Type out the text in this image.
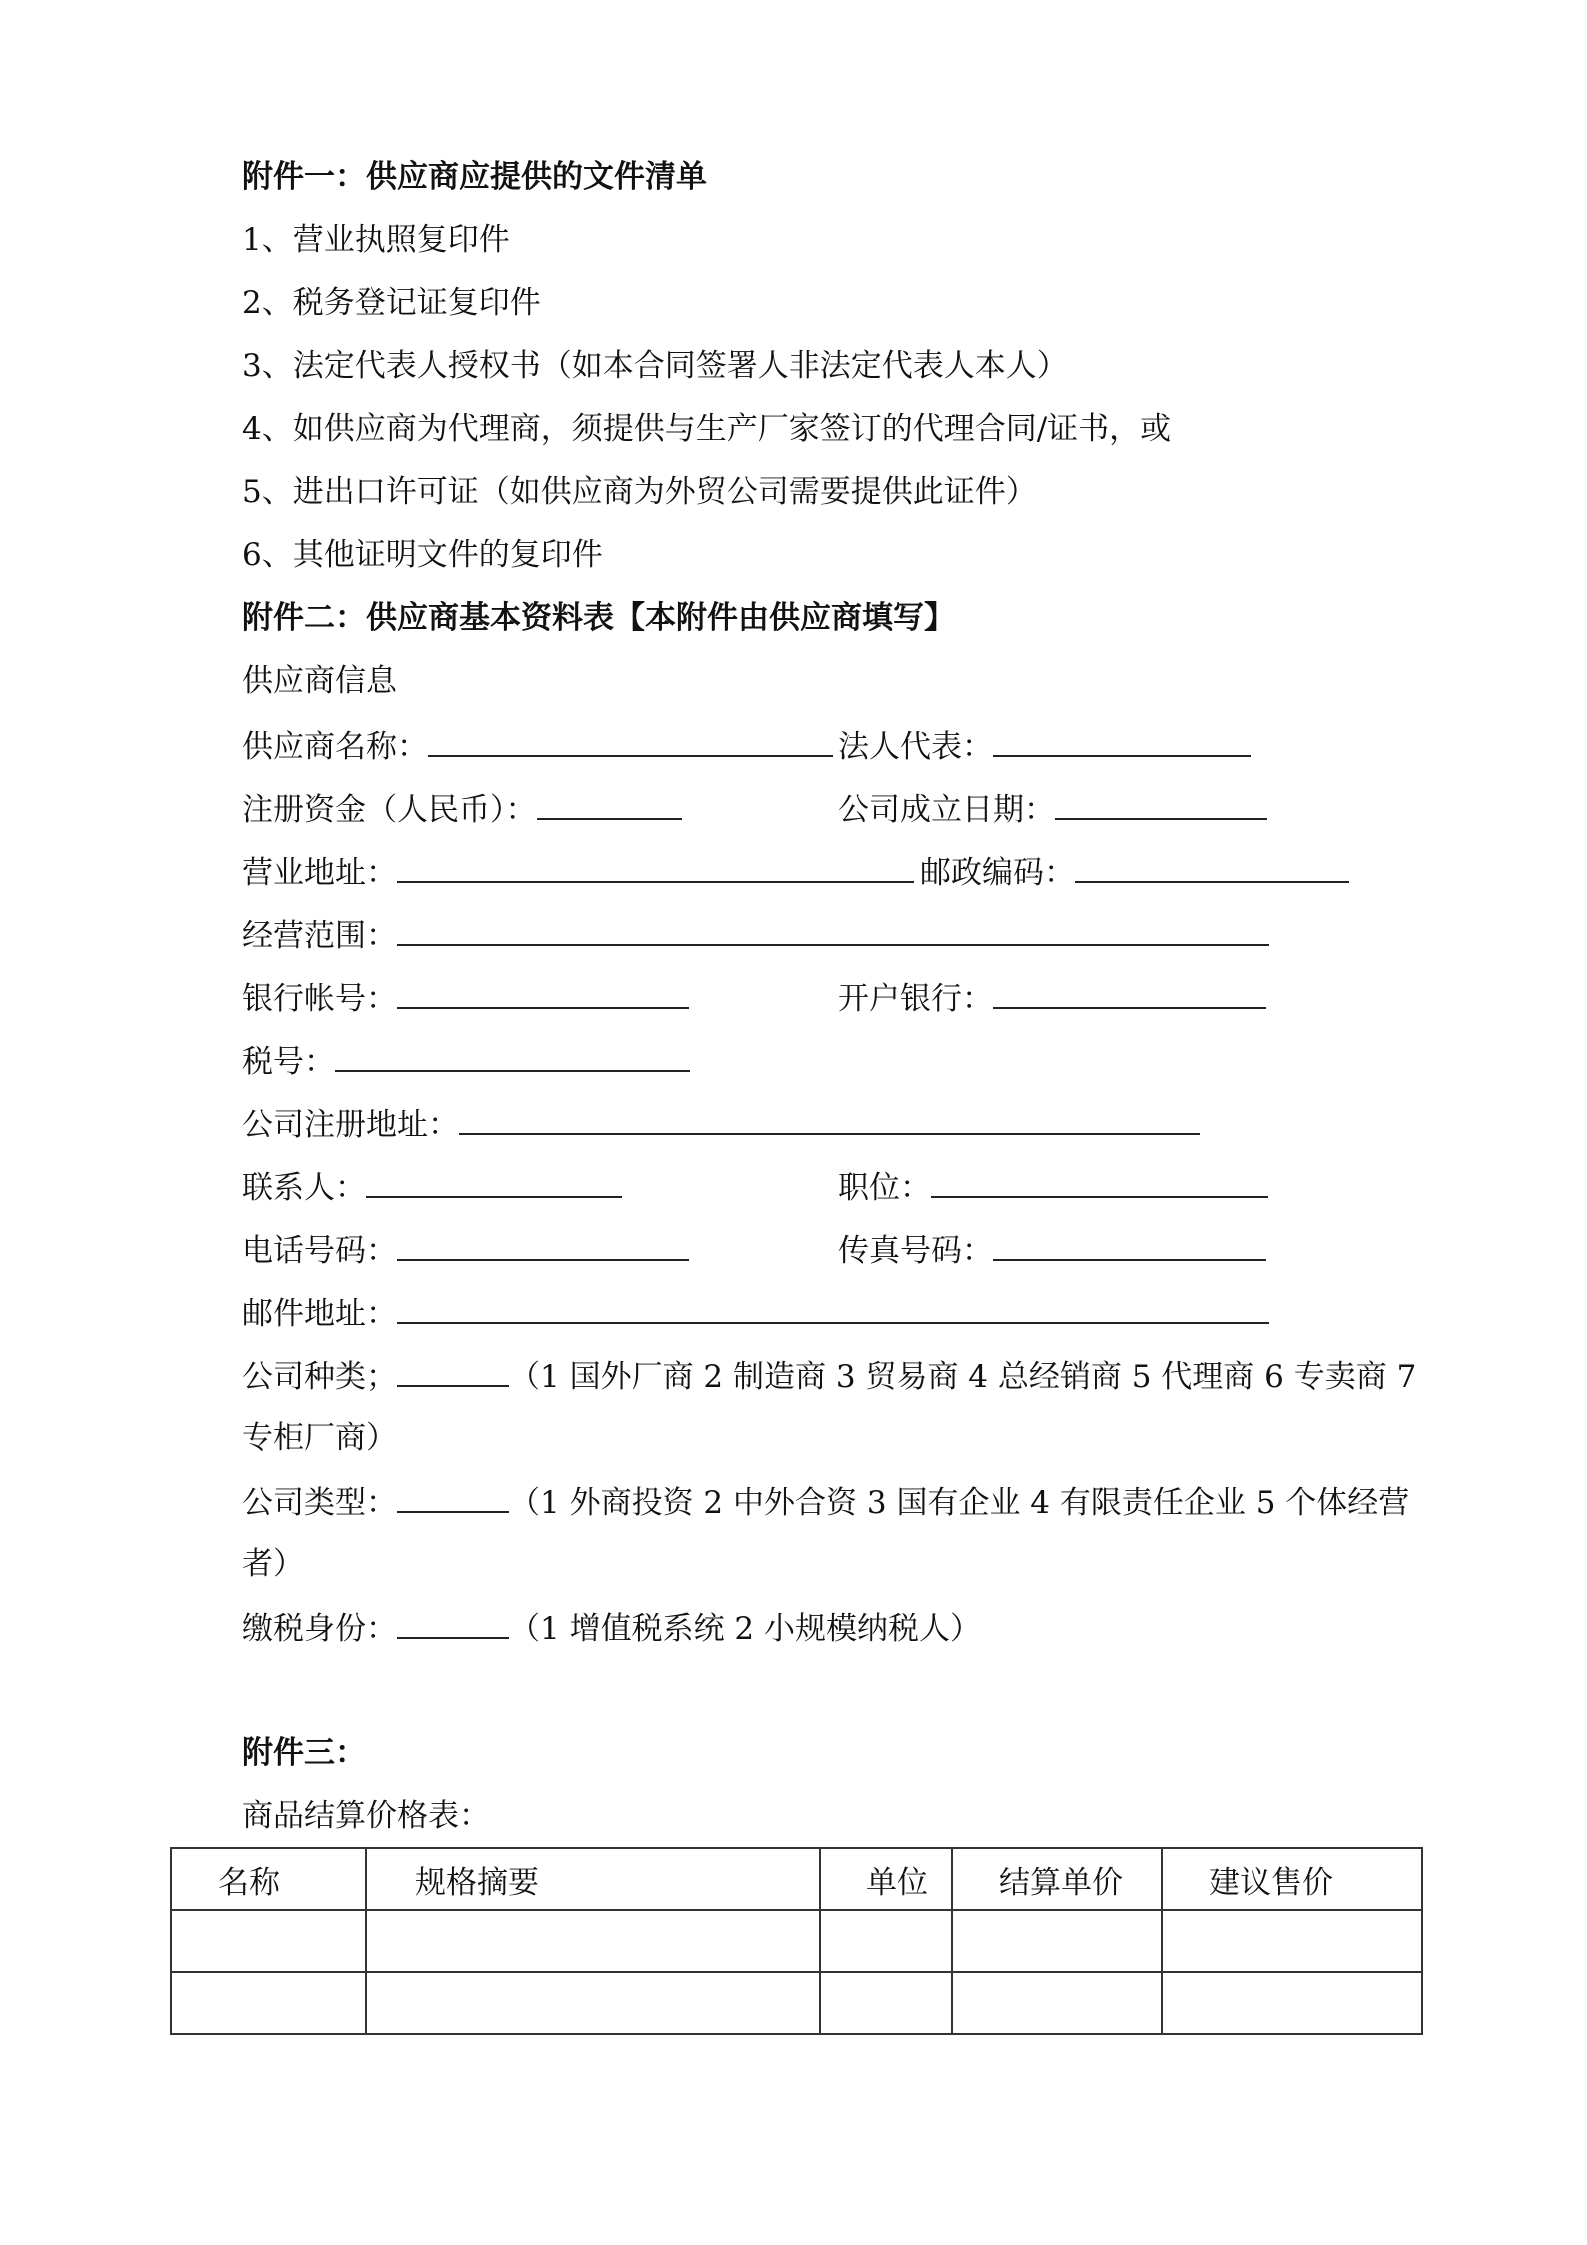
附件一：供应商应提供的文件清单
1、营业执照复印件
2、税务登记证复印件
3、法定代表人授权书（如本合同签署人非法定代表人本人）
4、如供应商为代理商，须提供与生产厂家签订的代理合同/证书，或
5、进出口许可证（如供应商为外贸公司需要提供此证件）
6、其他证明文件的复印件
附件二：供应商基本资料表【本附件由供应商填写】
供应商信息
供应商名称：	法人代表：
注册资金（人民币）：	公司成立日期：
营业地址：	邮政编码：
经营范围：
银行帐号：	开户银行：
税号：
公司注册地址：
联系人：	职位：
电话号码：	传真号码：
邮件地址：
公司种类；	（1 国外厂商 2 制造商 3 贸易商 4 总经销商 5 代理商 6 专卖商 7
专柜厂商）
公司类型：	（1 外商投资 2 中外合资 3 国有企业 4 有限责任企业 5 个体经营
者）
缴税身份：	（1 增值税系统 2 小规模纳税人）
附件三：
商品结算价格表：
名称	规格摘要	单位	结算单价	建议售价
